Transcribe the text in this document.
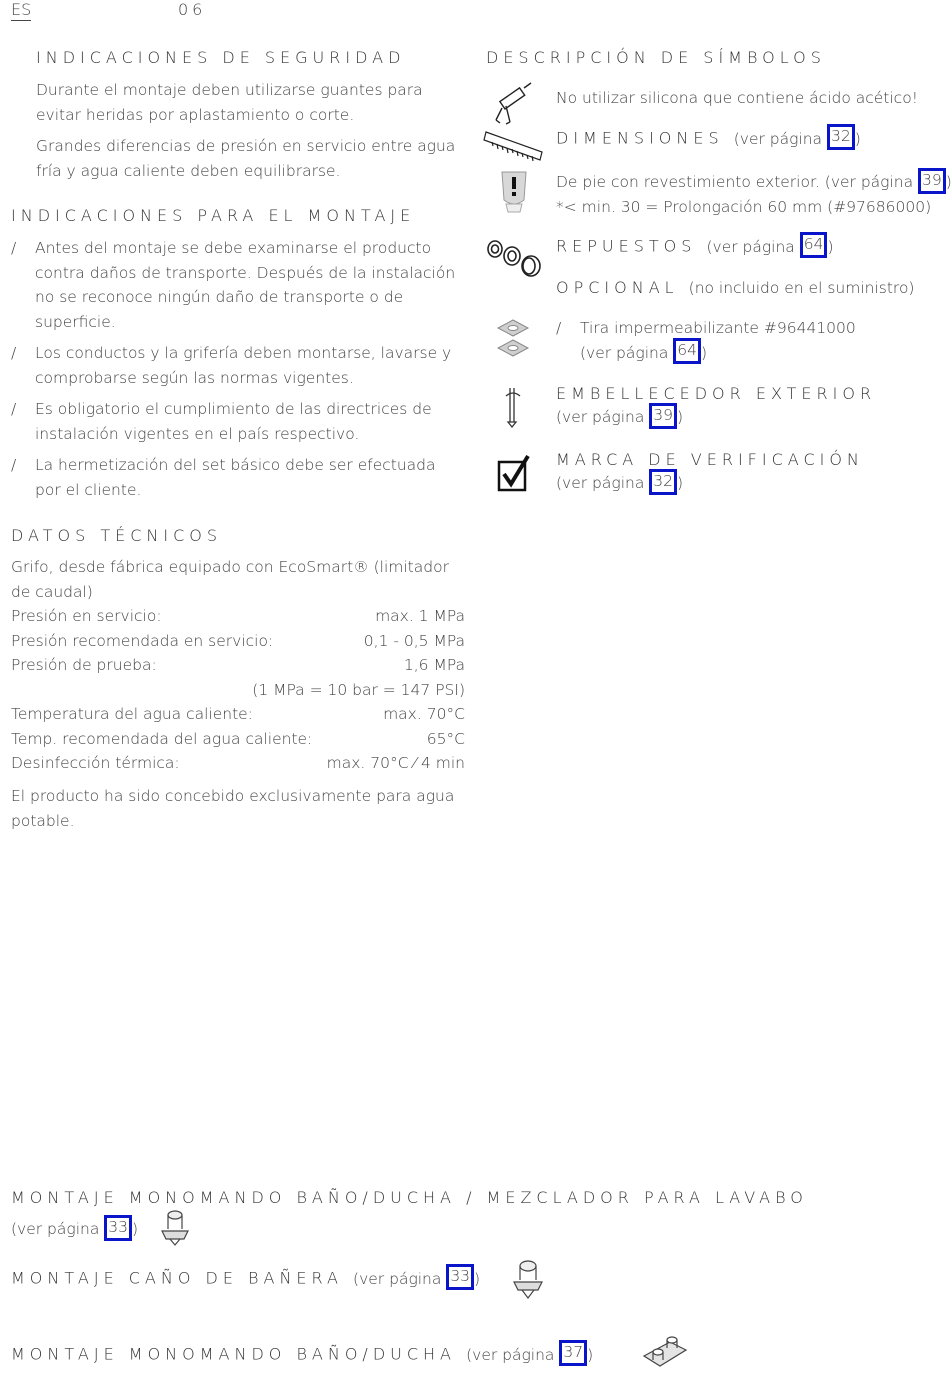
ES	06
INDICACIONES DE SEGURIDAD
Durante el montaje deben utilizarse guantes para evitar heridas por aplastamiento o corte.
Grandes diferencias de presión en servicio entre agua fría y agua caliente deben equilibrarse.
INDICACIONES PARA EL MONTAJE
/ Antes del montaje se debe examinarse el producto contra daños de transporte. Después de la instalación no se reconoce ningún daño de transporte o de superficie.
/ Los conductos y la grifería deben montarse, lavarse y comprobarse según las normas vigentes.
/ Es obligatorio el cumplimiento de las directrices de instalación vigentes en el país respectivo.
/ La hermetización del set básico debe ser efectuada por el cliente.
DATOS TÉCNICOS
Grifo, desde fábrica equipado con EcoSmart® (limitador de caudal)
Presión en servicio:	max. 1 MPa
Presión recomendada en servicio:	0,1 - 0,5 MPa
Presión de prueba:	1,6 MPa
(1 MPa = 10 bar = 147 PSI)
Temperatura del agua caliente:	max. 70°C
Temp. recomendada del agua caliente:	65°C
Desinfección térmica:	max. 70°C ⁄ 4 min
El producto ha sido concebido exclusivamente para agua potable.
DESCRIPCIÓN DE SÍMBOLOS
No utilizar silicona que contiene ácido acético!
DIMENSIONES (ver página 32 )
De pie con revestimiento exterior. (ver página 39 )
*< min. 30 = Prolongación 60 mm (#97686000)
REPUESTOS (ver página 64 )
OPCIONAL (no incluido en el suministro)
/ Tira impermeabilizante #96441000
(ver página 64 )
EMBELLECEDOR EXTERIOR
(ver página 39 )
MARCA DE VERIFICACIÓN
(ver página 32 )
MONTAJE MONOMANDO BAÑO/DUCHA / MEZCLADOR PARA LAVABO
(ver página 33 )
MONTAJE CAÑO DE BAÑERA (ver página 33 )
MONTAJE MONOMANDO BAÑO/DUCHA (ver página 37 )
